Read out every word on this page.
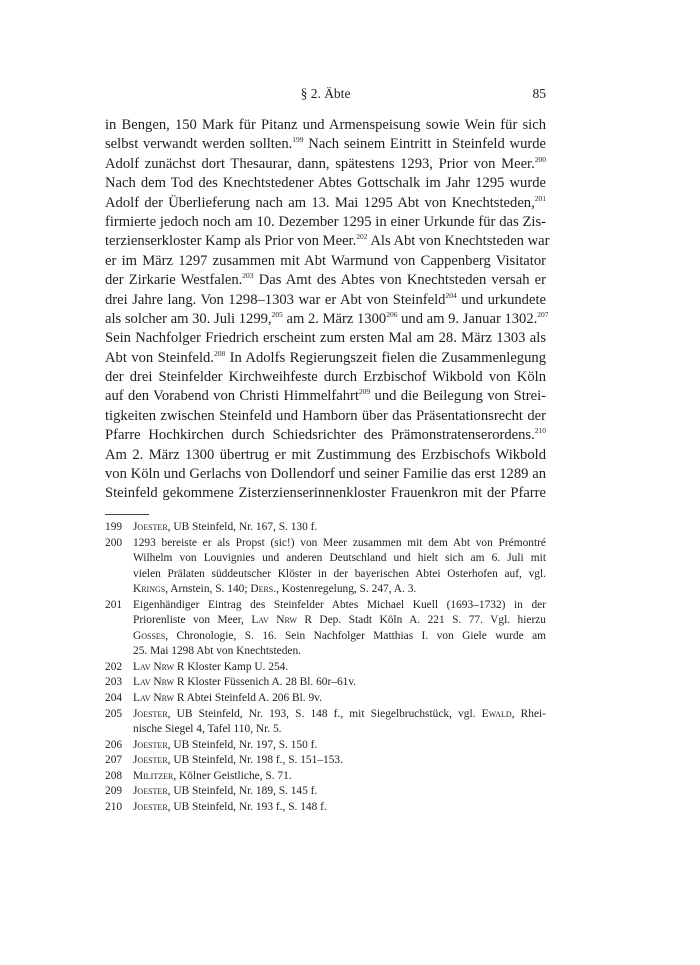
§ 2. Äbte	85
in Bengen, 150 Mark für Pitanz und Armenspeisung sowie Wein für sich
selbst verwandt werden sollten.$^{199}$ Nach seinem Eintritt in Steinfeld wurde
Adolf zunächst dort Thesaurar, dann, spätestens 1293, Prior von Meer.$^{200}$
Nach dem Tod des Knechtstedener Abtes Gottschalk im Jahr 1295 wurde
Adolf der Überlieferung nach am 13. Mai 1295 Abt von Knechtsteden,$^{201}$
firmierte jedoch noch am 10. Dezember 1295 in einer Urkunde für das Zis-
terzienserkloster Kamp als Prior von Meer.$^{202}$ Als Abt von Knechtsteden war
er im März 1297 zusammen mit Abt Warmund von Cappenberg Visitator
der Zirkarie Westfalen.$^{203}$ Das Amt des Abtes von Knechtsteden versah er
drei Jahre lang. Von 1298–1303 war er Abt von Steinfeld$^{204}$ und urkundete
als solcher am 30. Juli 1299,$^{205}$ am 2. März 1300$^{206}$ und am 9. Januar 1302.$^{207}$
Sein Nachfolger Friedrich erscheint zum ersten Mal am 28. März 1303 als
Abt von Steinfeld.$^{208}$ In Adolfs Regierungszeit fielen die Zusammenlegung
der drei Steinfelder Kirchweihfeste durch Erzbischof Wikbold von Köln
auf den Vorabend von Christi Himmelfahrt$^{209}$ und die Beilegung von Strei-
tigkeiten zwischen Steinfeld und Hamborn über das Präsentationsrecht der
Pfarre Hochkirchen durch Schiedsrichter des Prämonstratenserordens.$^{210}$
Am 2. März 1300 übertrug er mit Zustimmung des Erzbischofs Wikbold
von Köln und Gerlachs von Dollendorf und seiner Familie das erst 1289 an
Steinfeld gekommene Zisterzienserinnenkloster Frauenkron mit der Pfarre
199 Joester, UB Steinfeld, Nr. 167, S. 130 f.
200 1293 bereiste er als Propst (sic!) von Meer zusammen mit dem Abt von Prémontré
Wilhelm von Louvignies und anderen Deutschland und hielt sich am 6. Juli mit
vielen Prälaten süddeutscher Klöster in der bayerischen Abtei Osterhofen auf, vgl.
Krings, Arnstein, S. 140; Ders., Kostenregelung, S. 247, A. 3.
201 Eigenhändiger Eintrag des Steinfelder Abtes Michael Kuell (1693–1732) in der
Priorenliste von Meer, Lav Nrw R Dep. Stadt Köln A. 221 S. 77. Vgl. hierzu
Gosses, Chronologie, S. 16. Sein Nachfolger Matthias I. von Giele wurde am
25. Mai 1298 Abt von Knechtsteden.
202 Lav Nrw R Kloster Kamp U. 254.
203 Lav Nrw R Kloster Füssenich A. 28 Bl. 60r–61v.
204 Lav Nrw R Abtei Steinfeld A. 206 Bl. 9v.
205 Joester, UB Steinfeld, Nr. 193, S. 148 f., mit Siegelbruchstück, vgl. Ewald, Rhei-
nische Siegel 4, Tafel 110, Nr. 5.
206 Joester, UB Steinfeld, Nr. 197, S. 150 f.
207 Joester, UB Steinfeld, Nr. 198 f., S. 151–153.
208 Militzer, Kölner Geistliche, S. 71.
209 Joester, UB Steinfeld, Nr. 189, S. 145 f.
210 Joester, UB Steinfeld, Nr. 193 f., S. 148 f.
